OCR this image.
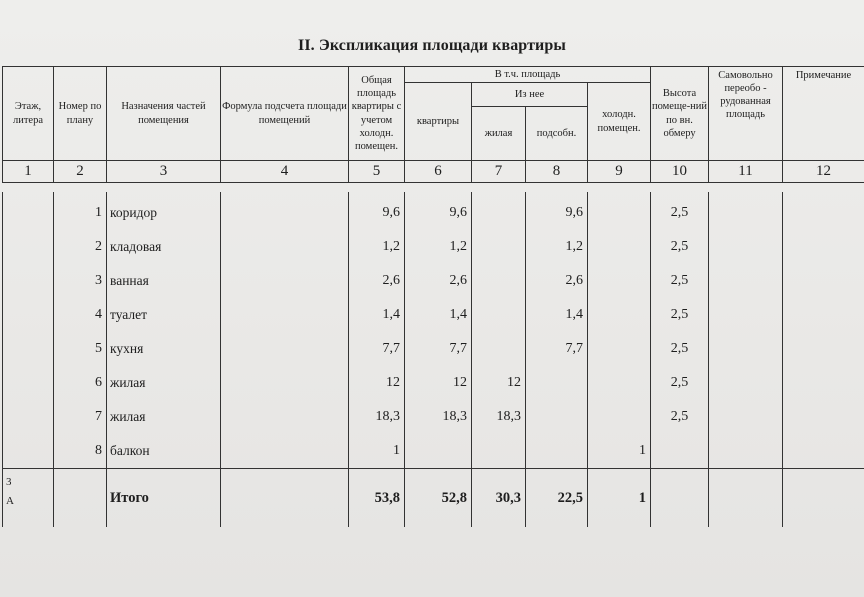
II. Экспликация площади квартиры
Этаж, литера	Номер по плану	Назначения частей помещения	Формула подсчета площади помещений	Общая площадь квартиры с учетом холодн. помещен.	В т.ч. площадь				Высота помеще-ний по вн. обмеру	Самовольно переобо - рудованная площадь	Примечание
					квартиры	Из нее		холодн. помещен.			
						жилая	подсобн.				
1	2	3	4	5	6	7	8	9	10	11	12
	1	коридор		9,6	9,6		9,6		2,5		
	2	кладовая		1,2	1,2		1,2		2,5		
	3	ванная		2,6	2,6		2,6		2,5		
	4	туалет		1,4	1,4		1,4		2,5		
	5	кухня		7,7	7,7		7,7		2,5		
	6	жилая		12	12	12			2,5		
	7	жилая		18,3	18,3	18,3			2,5		
	8	балкон		1				1			
3
А		Итого		53,8	52,8	30,3	22,5	1			
